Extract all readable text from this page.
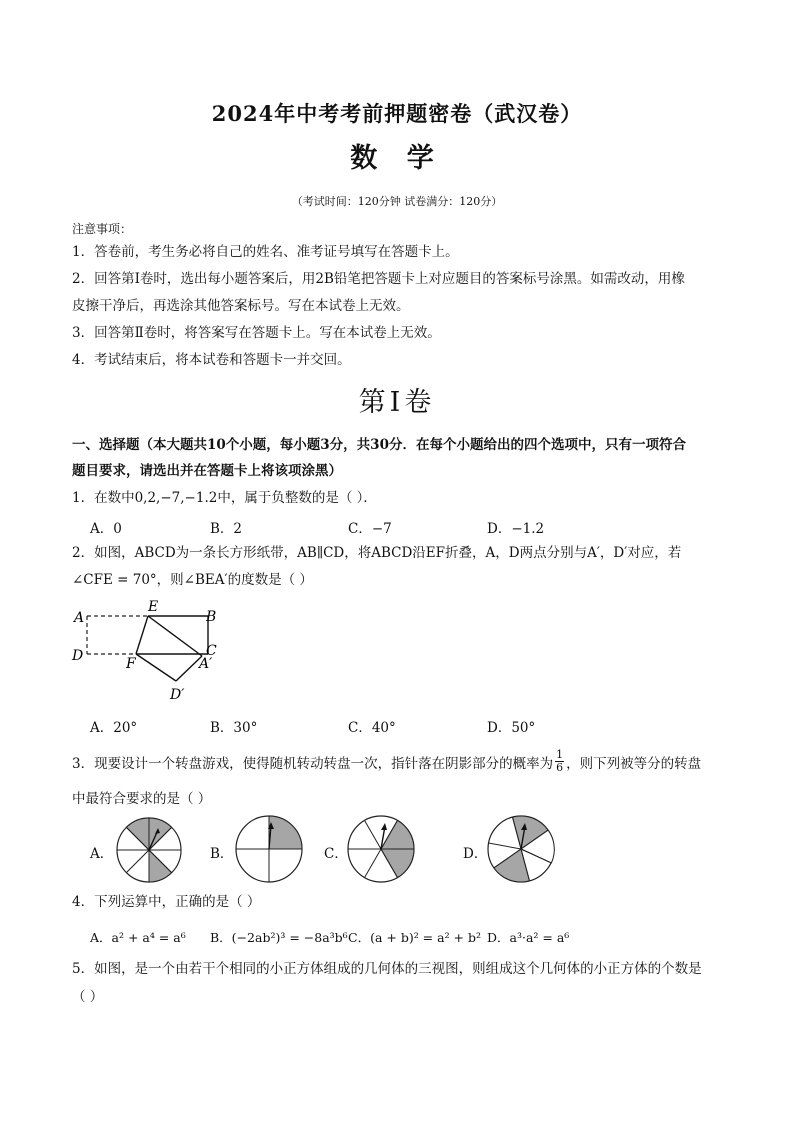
2024年中考考前押题密卷（武汉卷）
数 学
（考试时间：120分钟 试卷满分：120分）
注意事项：
1．答卷前，考生务必将自己的姓名、准考证号填写在答题卡上。
2．回答第Ⅰ卷时，选出每小题答案后，用2B铅笔把答题卡上对应题目的答案标号涂黑。如需改动，用橡
皮擦干净后，再选涂其他答案标号。写在本试卷上无效。
3．回答第Ⅱ卷时，将答案写在答题卡上。写在本试卷上无效。
4．考试结束后，将本试卷和答题卡一并交回。
第Ⅰ卷
一、选择题（本大题共10个小题，每小题3分，共30分．在每个小题给出的四个选项中，只有一项符合
题目要求，请选出并在答题卡上将该项涂黑）
1．在数中0,2,−7,−1.2中，属于负整数的是（ ）．
A．0	B．2	C．−7	D．−1.2
2．如图，ABCD为一条长方形纸带，AB∥CD，将ABCD沿EF折叠，A，D两点分别与A′，D′对应，若
∠CFE = 70°，则∠BEA′的度数是（ ）
A
E
B
D	F
C
A′
D′
A．20°	B．30°	C．40°	D．50°
3．现要设计一个转盘游戏，使得随机转动转盘一次，指针落在阴影部分的概率为 $\frac{1}{6}$ ，则下列被等分的转盘
中最符合要求的是（ ）
A．	B．	C．	D．
4．下列运算中，正确的是（ ）
A．a² + a⁴ = a⁶ B．(−2ab²)³ = −8a³b⁶ C．(a + b)² = a² + b² D．a³·a² = a⁶
5．如图，是一个由若干个相同的小正方体组成的几何体的三视图，则组成这个几何体的小正方体的个数是
（ ）
